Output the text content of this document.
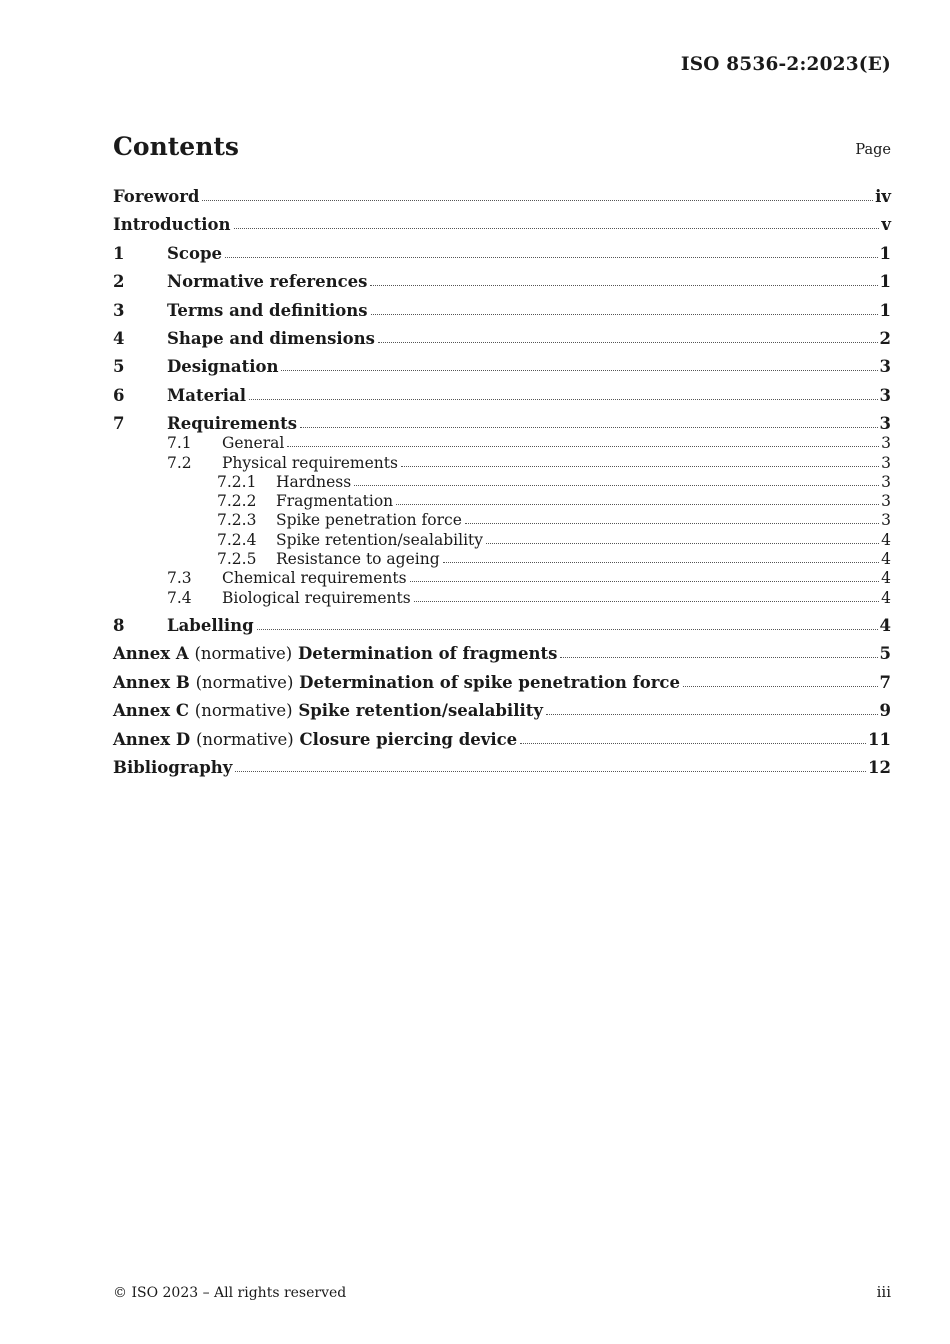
ISO 8536-2:2023(E)
Contents	Page
Foreword	iv
Introduction	v
1	Scope	1
2	Normative references	1
3	Terms and definitions	1
4	Shape and dimensions	2
5	Designation	3
6	Material	3
7	Requirements	3
7.1	General	3
7.2	Physical requirements	3
7.2.1	Hardness	3
7.2.2	Fragmentation	3
7.2.3	Spike penetration force	3
7.2.4	Spike retention/sealability	4
7.2.5	Resistance to ageing	4
7.3	Chemical requirements	4
7.4	Biological requirements	4
8	Labelling	4
Annex A (normative) Determination of fragments	5
Annex B (normative) Determination of spike penetration force	7
Annex C (normative) Spike retention/sealability	9
Annex D (normative) Closure piercing device	11
Bibliography	12
© ISO 2023 – All rights reserved	iii
